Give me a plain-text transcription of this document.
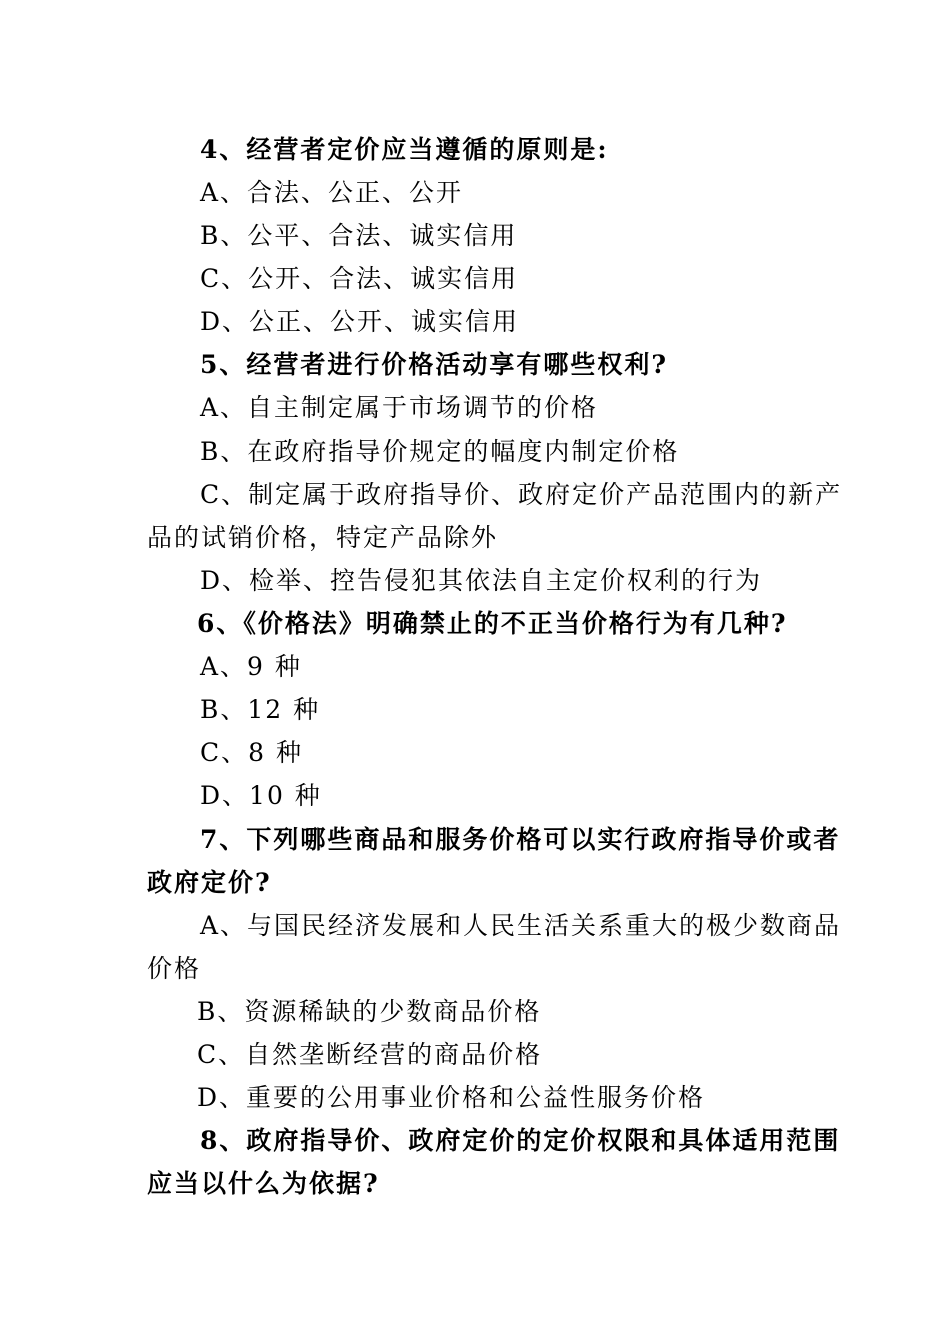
4、经营者定价应当遵循的原则是:
A、合法、公正、公开
B、公平、合法、诚实信用
C、公开、合法、诚实信用
D、公正、公开、诚实信用
5、经营者进行价格活动享有哪些权利?
A、自主制定属于市场调节的价格
B、在政府指导价规定的幅度内制定价格
C、制定属于政府指导价、政府定价产品范围内的新产
品的试销价格，特定产品除外
D、检举、控告侵犯其依法自主定价权利的行为
6、《价格法》明确禁止的不正当价格行为有几种?
A、9 种
B、12 种
C、8 种
D、10 种
7、下列哪些商品和服务价格可以实行政府指导价或者
政府定价?
A、与国民经济发展和人民生活关系重大的极少数商品
价格
B、资源稀缺的少数商品价格
C、自然垄断经营的商品价格
D、重要的公用事业价格和公益性服务价格
8、政府指导价、政府定价的定价权限和具体适用范围
应当以什么为依据?
